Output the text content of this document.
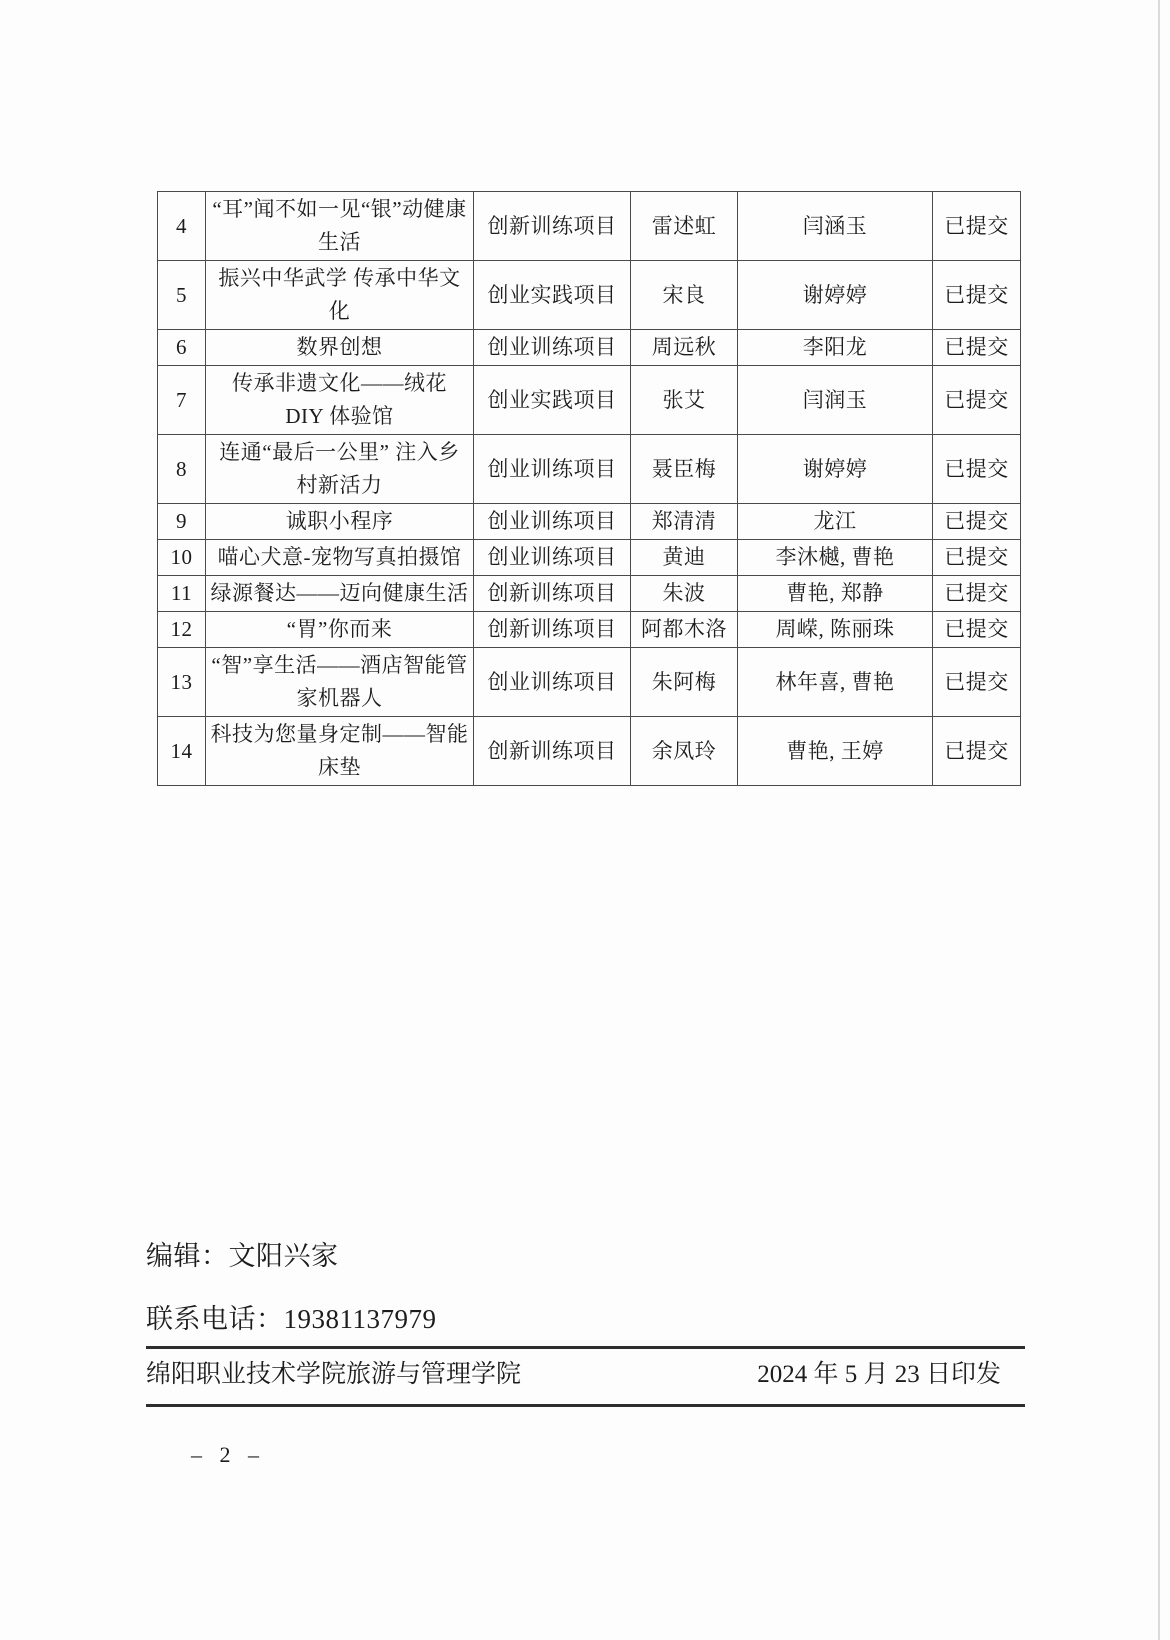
4	“耳”闻不如一见“银”动健康生活	创新训练项目	雷述虹	闫涵玉	已提交
5	振兴中华武学 传承中华文化	创业实践项目	宋良	谢婷婷	已提交
6	数界创想	创业训练项目	周远秋	李阳龙	已提交
7	传承非遗文化——绒花 DIY 体验馆	创业实践项目	张艾	闫润玉	已提交
8	连通“最后一公里” 注入乡村新活力	创业训练项目	聂臣梅	谢婷婷	已提交
9	诚职小程序	创业训练项目	郑清清	龙江	已提交
10	喵心犬意-宠物写真拍摄馆	创业训练项目	黄迪	李沐樾, 曹艳	已提交
11	绿源餐达——迈向健康生活	创新训练项目	朱波	曹艳, 郑静	已提交
12	“胃”你而来	创新训练项目	阿都木洛	周嵘, 陈丽珠	已提交
13	“智”享生活——酒店智能管家机器人	创业训练项目	朱阿梅	林年喜, 曹艳	已提交
14	科技为您量身定制——智能床垫	创新训练项目	余凤玲	曹艳, 王婷	已提交

编辑：文阳兴家

联系电话：19381137979

绵阳职业技术学院旅游与管理学院	2024 年 5 月 23 日印发

– 2 –
